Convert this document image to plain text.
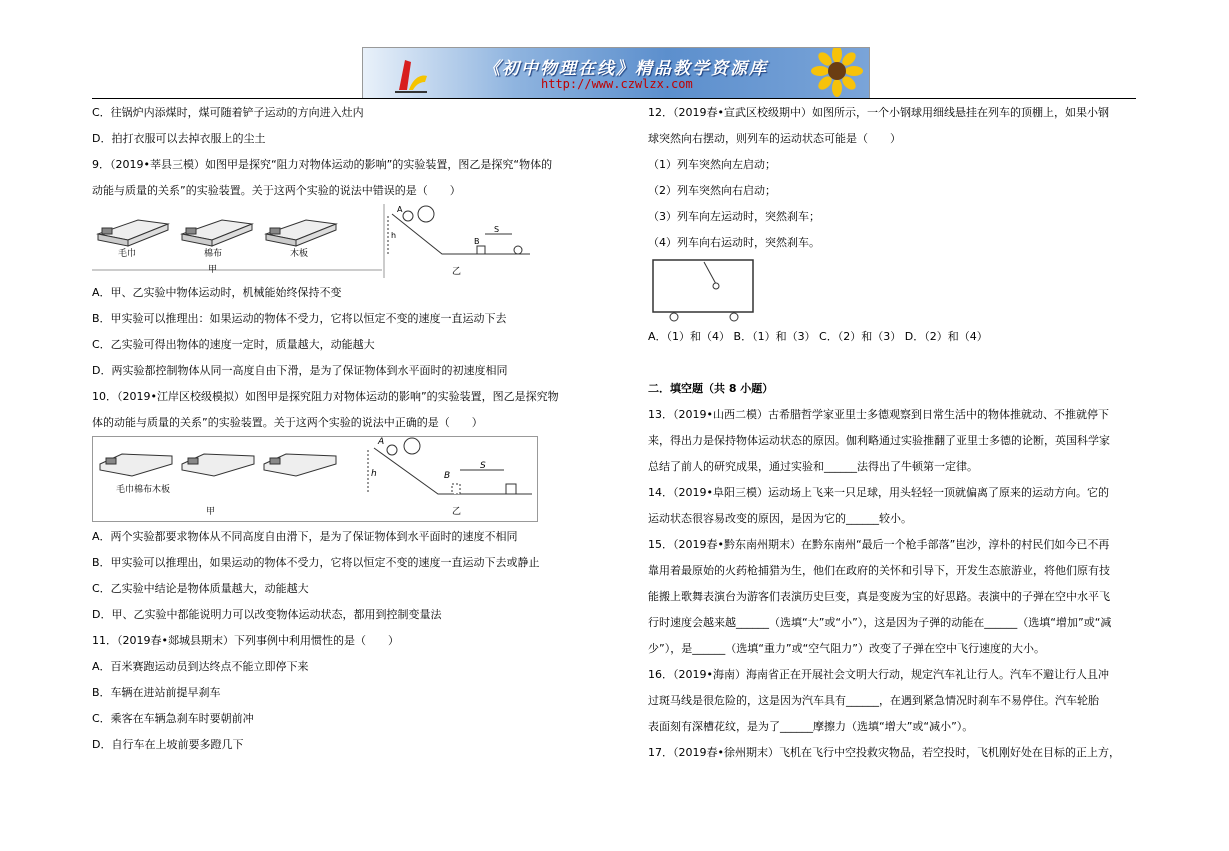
《初中物理在线》精品教学资源库
http://www.czwlzx.com
C．往锅炉内添煤时，煤可随着铲子运动的方向进入灶内
D．拍打衣服可以去掉衣服上的尘土
9．（2019•莘县三模）如图甲是探究“阻力对物体运动的影响”的实验装置，图乙是探究“物体的
动能与质量的关系”的实验装置。关于这两个实验的说法中错误的是（　　）
毛巾	棉布	木板
甲
A
h
B
S
乙
A．甲、乙实验中物体运动时，机械能始终保持不变
B．甲实验可以推理出：如果运动的物体不受力，它将以恒定不变的速度一直运动下去
C．乙实验可得出物体的速度一定时，质量越大，动能越大
D．两实验都控制物体从同一高度自由下滑，是为了保证物体到水平面时的初速度相同
10．（2019•江岸区校级模拟）如图甲是探究阻力对物体运动的影响”的实验装置，图乙是探究物
体的动能与质量的关系”的实验装置。关于这两个实验的说法中正确的是（　　）
毛巾棉布木板
甲
A
h	B
S
乙
A．两个实验都要求物体从不同高度自由滑下，是为了保证物体到水平面时的速度不相同
B．甲实验可以推理出，如果运动的物体不受力，它将以恒定不变的速度一直运动下去或静止
C．乙实验中结论是物体质量越大，动能越大
D．甲、乙实验中都能说明力可以改变物体运动状态，都用到控制变量法
11．（2019春•郯城县期末）下列事例中利用惯性的是（　　）
A．百米赛跑运动员到达终点不能立即停下来
B．车辆在进站前提早刹车
C．乘客在车辆急刹车时要朝前冲
D．自行车在上坡前要多蹬几下
12．（2019春•宣武区校级期中）如图所示，一个小钢球用细线悬挂在列车的顶棚上，如果小钢
球突然向右摆动，则列车的运动状态可能是（　　）
（1）列车突然向左启动；
（2）列车突然向右启动；
（3）列车向左运动时，突然刹车；
（4）列车向右运动时，突然刹车。
A．（1）和（4） B．（1）和（3） C．（2）和（3） D．（2）和（4）
二．填空题（共 8 小题）
13．（2019•山西二模）古希腊哲学家亚里士多德观察到日常生活中的物体推就动、不推就停下
来，得出力是保持物体运动状态的原因。伽利略通过实验推翻了亚里士多德的论断，英国科学家
总结了前人的研究成果，通过实验和______法得出了牛顿第一定律。
14．（2019•阜阳三模）运动场上飞来一只足球，用头轻轻一顶就偏离了原来的运动方向。它的
运动状态很容易改变的原因，是因为它的______较小。
15．（2019春•黔东南州期末）在黔东南州“最后一个枪手部落”岜沙，淳朴的村民们如今已不再
靠用着最原始的火药枪捕猎为生，他们在政府的关怀和引导下，开发生态旅游业，将他们原有技
能搬上歌舞表演台为游客们表演历史巨变，真是变废为宝的好思路。表演中的子弹在空中水平飞
行时速度会越来越______（选填“大”或“小”），这是因为子弹的动能在______（选填“增加”或“减
少”），是______（选填“重力”或“空气阻力”）改变了子弹在空中飞行速度的大小。
16．（2019•海南）海南省正在开展社会文明大行动，规定汽车礼让行人。汽车不避让行人且冲
过斑马线是很危险的，这是因为汽车具有______，在遇到紧急情况时刹车不易停住。汽车轮胎
表面刻有深槽花纹，是为了______摩擦力（选填“增大”或“减小”）。
17．（2019春•徐州期末）飞机在飞行中空投救灾物品，若空投时，飞机刚好处在目标的正上方，
